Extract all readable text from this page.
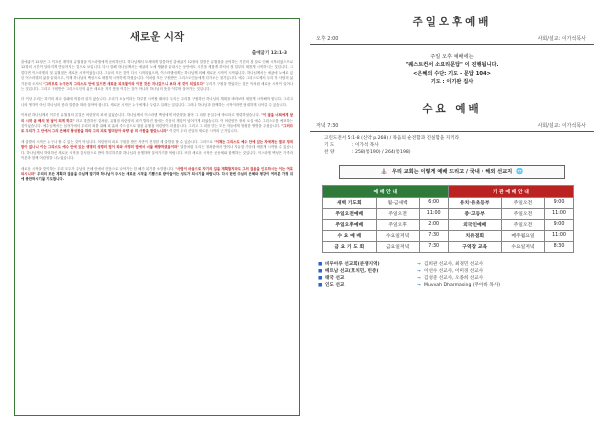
새로운 시작
출애굽기 12:1-3

출애굽기 12장은 그 이끄신 계약의 유월절을 이스라엘에게 준비하신다. 하나님께서 모세에게 말씀하신 출애굽기 12장의 말씀은 유월절을 준비하는 기간의 첫 달로 인해 시작되었으므로 12장의 시간이 달라지게 만들어지는 것으로 보입니다. 다시 말해 하나님께서는 애굽의 노예 생활을 끝내시는 동안에도 시간을 새롭게 하셔서 첫 달부터 새롭게 시작하시는 것입니다. 그렇다면 이스라엘의 첫 유월절은 새로운 시작이었습니다. 그들의 모든 것이 다시 시작되었으며, 이스라엘에게는 하나님께 의해 새로운 시작이 시작됩니다. 하나님께서는 애굽에 노예로 있던 이스라엘의 삶을 끝내시고, 이제 하나님의 백성으로 새롭게 시작하게 하셨습니다. 이처럼 모든 구원받은 그리스도인들에게 다가오는 절기입니다. 예수 그리스도께서 우리 각 사람의 삶 가운데 오셔서 "그러므로 누구든지 그리스도 안에 있으면 새로운 피조물이라 이전 것은 지나갔으니 보라 새 것이 되었도다" 우리가 구원을 받았다는 것은 이처럼 새로운 시작이 일어나는 것입니다. 그리고 구원받은 그리스도인의 삶은 새로운 자기 뜻을 이루는 것이 아니라 하나님의 뜻을 이루며 살아가는 것입니다.

더 이상 우리는 과거의 죄나 실패에 머물러 살지 않습니다. 우리가 오늘이라는 하루를 시작할 때마다 우리는 우리를 구원하신 하나님의 계획을 바라보며 새롭게 시작해야 합니다. 그리고 나의 생각이 아닌 하나님의 뜻과 말씀을 따라 살아야 합니다. 새로운 시작은 누구에게나 두렵고 설레는 일입니다. 그러나 하나님과 함께하는 시작이라면 담대하게 나아갈 수 있습니다.

이처럼 하나님께서 이루신 유월절의 본질은 어린양의 피에 있었습니다. 하나님께서 이스라엘 백성에게 어린양을 잡아 그 피를 문설주에 바르라고 명령하셨습니다. "이 달을 너희에게 달의 시작 곧 해의 첫 달이 되게 하고" 라고 말씀하신 것처럼, 유월절 어린양의 피가 발라진 집에는 죽음의 재앙이 넘어가게 되었습니다. 이 어린양은 장차 오실 예수 그리스도를 예표하는 것이었습니다. 예수님께서는 십자가에서 우리의 죄를 위해 피 흘려 죽으심으로 참된 유월절 어린양이 되셨습니다. 그리고 그 피를 믿는 모든 자들에게 영원한 생명을 주셨습니다. "그러므로 우리가 그 안에서 그의 은혜의 풍성함을 따라 그의 피로 말미암아 속량 곧 죄 사함을 받았느니라" 이것이 우리 신앙의 새로운 시작의 근거입니다.

새 출발의 시작은 누구나 할 수 있는 것이 아닙니다. 어린양의 피로 구원을 받은 자만이 진정한 새 출발을 할 수 있습니다. 그러므로 "이제는 그리스도 예수 안에 있는 자에게는 결코 정죄함이 없나니 이는 그리스도 예수 안에 있는 생명의 성령의 법이 죄와 사망의 법에서 너를 해방하였음이라" 말씀처럼 우리는 정죄함에서 벗어나 자유함 가운데 새롭게 시작할 수 있습니다. 하나님께서 허락하신 새로운 시작을 감사함으로 받아 하루하루를 하나님과 동행하며 살아가기를 바랍니다. 또한 새로운 시작은 공동체와 함께하는 것입니다. 이스라엘 백성은 가족과 이웃과 함께 어린양을 나누었습니다.

새로운 시작을 맞이하는 우리 모두가 주님의 은혜 안에서 믿음으로 나아가는 한 해가 되기를 소망합니다. "사람이 마음으로 자기의 길을 계획할지라도 그의 걸음을 인도하시는 이는 여호와시니라" 우리의 모든 계획과 걸음을 주님께 맡기며 하나님이 주시는 새로운 시작을 기쁨으로 받아들이는 성도가 되시기를 바랍니다. 다시 한번 주님의 은혜와 평강이 여러분 가정 위에 충만하시기를 기도합니다.

주일오후예배
오후 2:00	사회/설교: 이가석목사
주일 오후 예배에는
"퀘스트컨서 소요리문답" 이 진행됩니다.
<은혜의 수단: 기도 - 문답 104>
기도 : 이기완 집사
수요 예배
저녁 7:30	사회/설교: 이가석목사
고린도전서 5:1-8 (신약 p.268) / 목음의 순전함과 진실함을 지키라
기 도	: 이가석 목사
찬 양	: 258(통190) / 264(통198)
⛪ 우리 교회는 이렇게 예배 드리고 / 국내 · 해외 선교지 🌐
예 배 안 내			기 관 예 배 안 내		
새벽 기도회	월-금새벽	6:00	유치·유초등부	주일오전	9:00
주일오전예배	주일오전	11:00	중·고등부	주일오전	11:00
주일오후예배	주일오후	2:00	외국인예배	주일오전	9:00
수 요 예 배	수요일저녁	7:30	치유점회	매주월요일	11:00
금 요 기 도 회	금요일저녁	7:30	구역장 교육	수요일저녁	8:30
■ 비두아루 선교회(분쟁지역)	→ 김희관 선교사, 최경민 선교사
■ 베트남 선교(호치민, 빈증)	→ 이선수 선교사, 이미경 선교사
■ 태국 선교	→ 김성준 선교사, 오종희 선교사
■ 인도 선교	→ Muvvah Dharmasing (무아바 목사)
